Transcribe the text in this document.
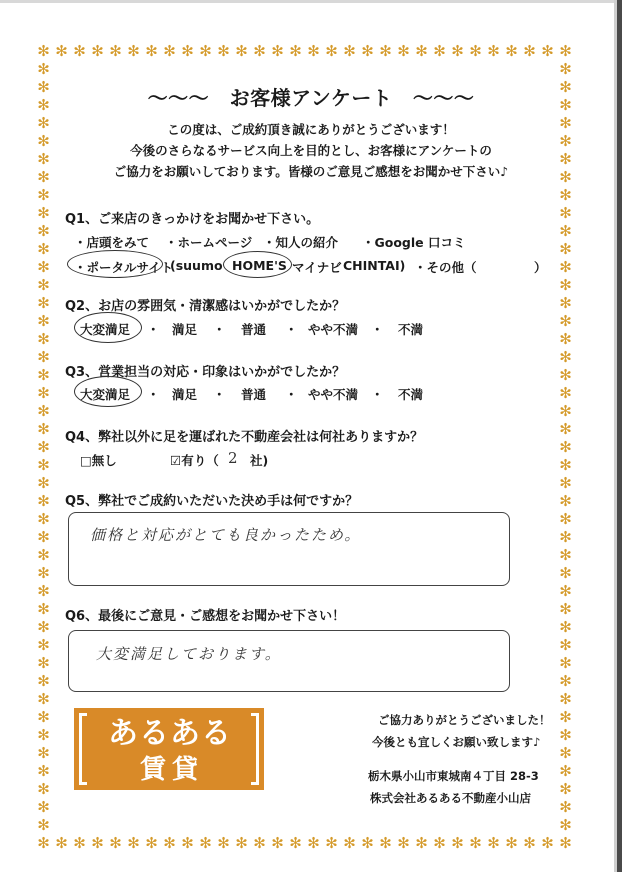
〜〜〜　お客様アンケート　〜〜〜
この度は、ご成約頂き誠にありがとうございます！
今後のさらなるサービス向上を目的とし、お客様にアンケートの
ご協力をお願いしております。皆様のご意見ご感想をお聞かせ下さい♪
Q1、ご来店のきっかけをお聞かせ下さい。
・店頭をみて ・ホームページ ・知人の紹介 ・Google 口コミ
・ポータルサイト
(suumo HOME'S マイナビ CHINTAI) ・その他（	）
Q2、お店の雰囲気・清潔感はいかがでしたか？
大変満足 ・ 満足 ・ 普通 ・ やや不満 ・ 不満
Q3、営業担当の対応・印象はいかがでしたか？
大変満足 ・ 満足 ・ 普通 ・ やや不満 ・ 不満
Q4、弊社以外に足を運ばれた不動産会社は何社ありますか？
□無し	☑有り（ 2 社)
Q5、弊社でご成約いただいた決め手は何ですか？
価格と対応がとても良かったため。
Q6、最後にご意見・ご感想をお聞かせ下さい！
大変満足しております。
あるある
賃貸
ご協力ありがとうございました！
今後とも宜しくお願い致します♪
栃木県小山市東城南４丁目 28-3
株式会社あるある不動産小山店
✻
✻
✻
✻
✻
✻
✻
✻
✻
✻
✻
✻
✻
✻
✻
✻
✻
✻
✻
✻
✻
✻
✻
✻
✻
✻
✻
✻
✻
✻
✻
✻
✻
✻
✻
✻
✻
✻
✻
✻
✻
✻
✻
✻
✻
✻
✻
✻
✻
✻
✻
✻
✻
✻
✻
✻
✻
✻
✻
✻
✻	✻
✻	✻
✻	✻
✻	✻
✻	✻
✻	✻
✻	✻
✻	✻
✻	✻
✻	✻
✻	✻
✻	✻
✻	✻
✻	✻
✻	✻
✻	✻
✻	✻
✻	✻
✻	✻
✻	✻
✻	✻
✻	✻
✻	✻
✻	✻
✻	✻
✻	✻
✻	✻
✻	✻
✻	✻
✻	✻
✻	✻
✻	✻
✻	✻
✻	✻
✻	✻
✻	✻
✻	✻
✻	✻
✻	✻
✻	✻
✻	✻
✻	✻
✻	✻
